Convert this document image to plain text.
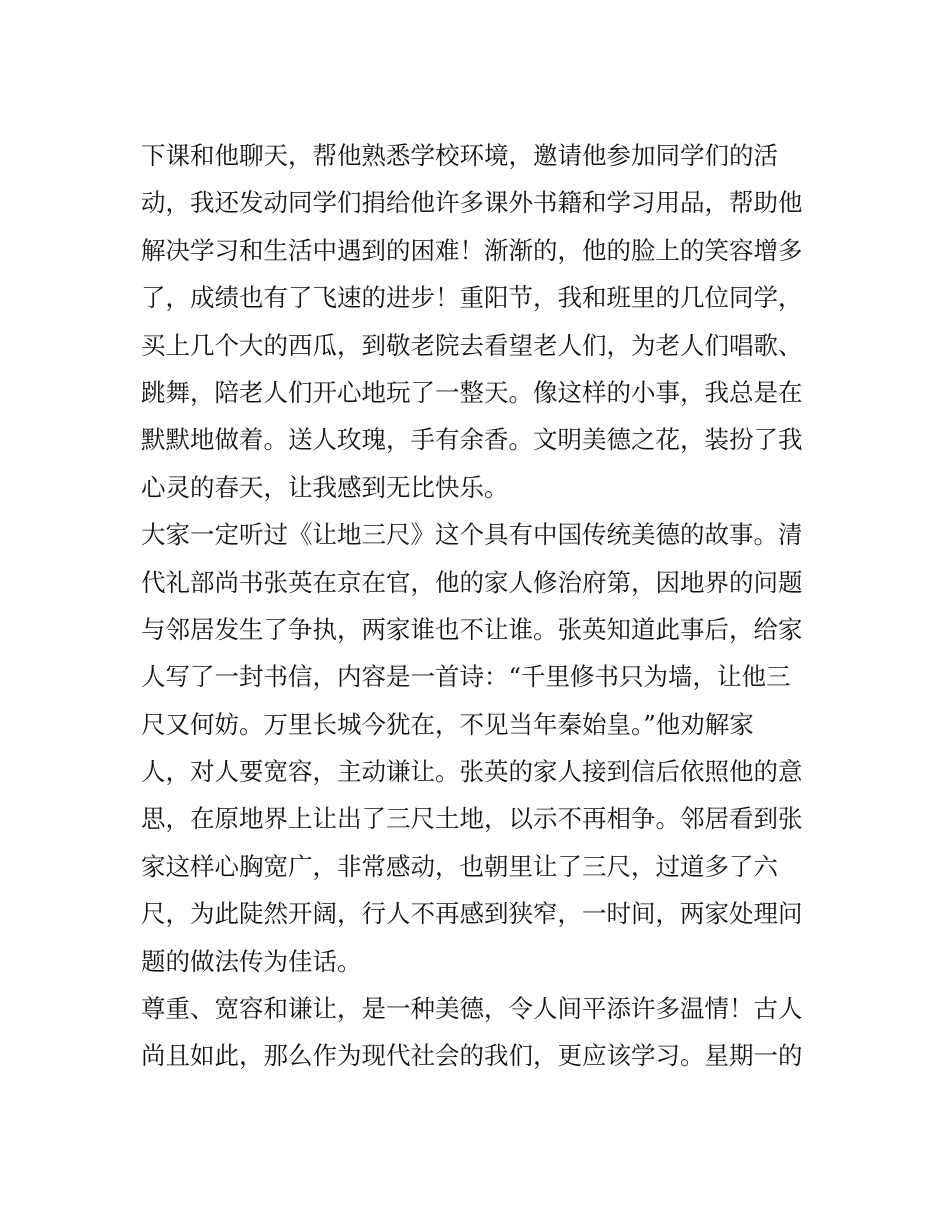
下课和他聊天，帮他熟悉学校环境，邀请他参加同学们的活
动，我还发动同学们捐给他许多课外书籍和学习用品，帮助他
解决学习和生活中遇到的困难！渐渐的，他的脸上的笑容增多
了，成绩也有了飞速的进步！重阳节，我和班里的几位同学，
买上几个大的西瓜，到敬老院去看望老人们，为老人们唱歌、
跳舞，陪老人们开心地玩了一整天。像这样的小事，我总是在
默默地做着。送人玫瑰，手有余香。文明美德之花，装扮了我
心灵的春天，让我感到无比快乐。
大家一定听过《让地三尺》这个具有中国传统美德的故事。清
代礼部尚书张英在京在官，他的家人修治府第，因地界的问题
与邻居发生了争执，两家谁也不让谁。张英知道此事后，给家
人写了一封书信，内容是一首诗：“千里修书只为墙，让他三
尺又何妨。万里长城今犹在，不见当年秦始皇。”他劝解家
人，对人要宽容，主动谦让。张英的家人接到信后依照他的意
思，在原地界上让出了三尺土地，以示不再相争。邻居看到张
家这样心胸宽广，非常感动，也朝里让了三尺，过道多了六
尺，为此陡然开阔，行人不再感到狭窄，一时间，两家处理问
题的做法传为佳话。
尊重、宽容和谦让，是一种美德，令人间平添许多温情！古人
尚且如此，那么作为现代社会的我们，更应该学习。星期一的
